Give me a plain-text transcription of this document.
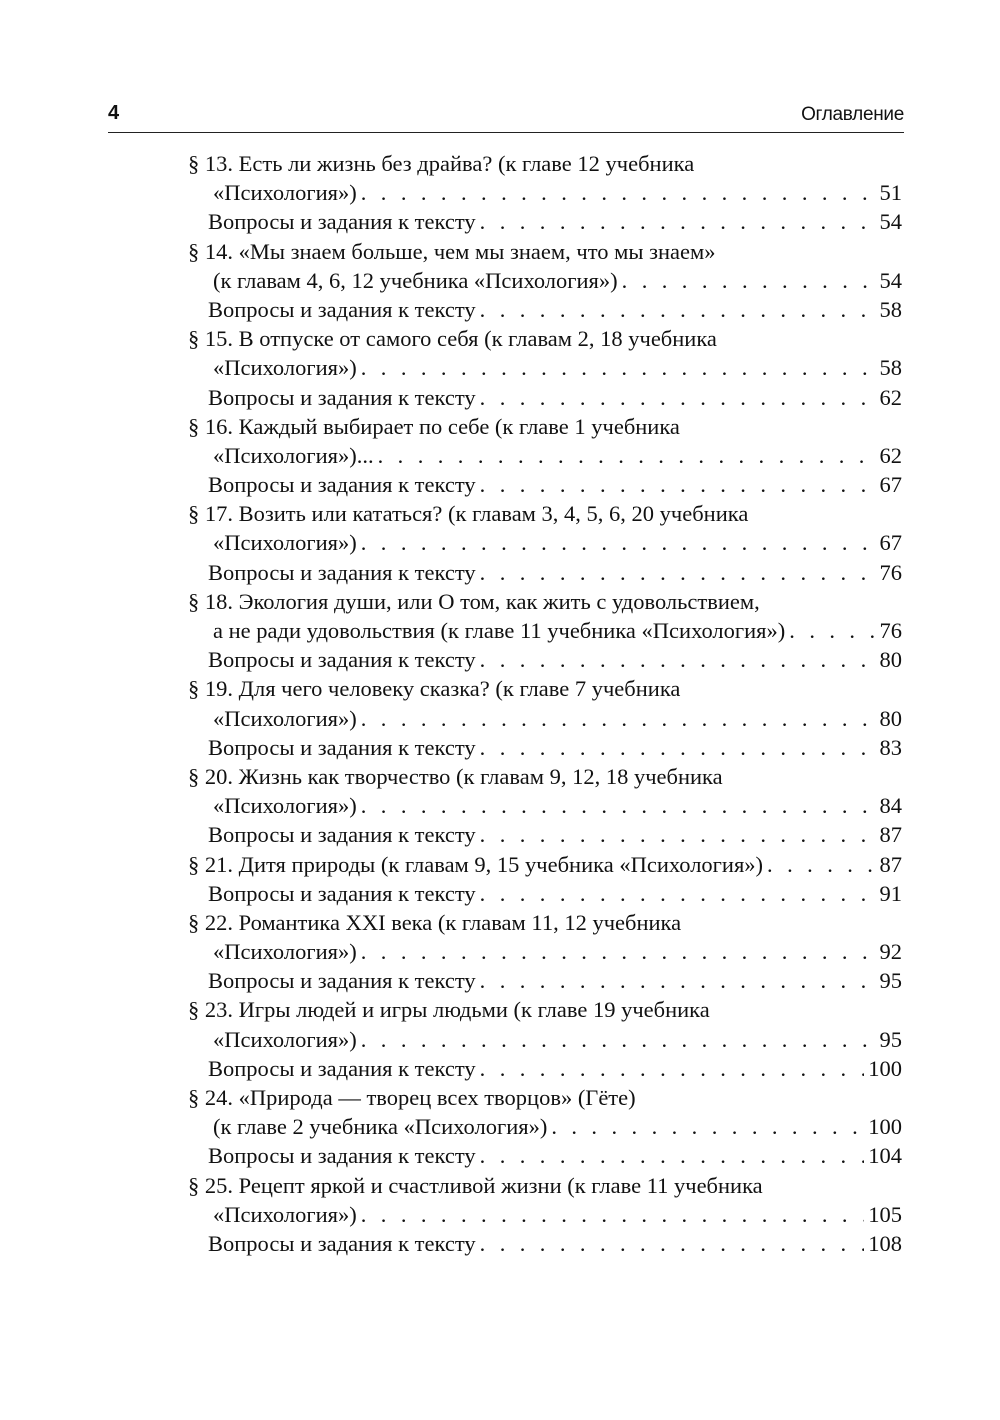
4	Оглавление
§ 13. Есть ли жизнь без драйва? (к главе 12 учебника
«Психология») . . .	51
Вопросы и задания к тексту . . .	54
§ 14. «Мы знаем больше, чем мы знаем, что мы знаем»
(к главам 4, 6, 12 учебника «Психология») . . .	54
Вопросы и задания к тексту . . .	58
§ 15. В отпуске от самого себя (к главам 2, 18 учебника
«Психология») . . .	58
Вопросы и задания к тексту . . .	62
§ 16. Каждый выбирает по себе (к главе 1 учебника
«Психология»)... . . .	62
Вопросы и задания к тексту . . .	67
§ 17. Возить или кататься? (к главам 3, 4, 5, 6, 20 учебника
«Психология») . . .	67
Вопросы и задания к тексту . . .	76
§ 18. Экология души, или О том, как жить с удовольствием,
а не ради удовольствия (к главе 11 учебника «Психология») . . .	76
Вопросы и задания к тексту . . .	80
§ 19. Для чего человеку сказка? (к главе 7 учебника
«Психология») . . .	80
Вопросы и задания к тексту . . .	83
§ 20. Жизнь как творчество (к главам 9, 12, 18 учебника
«Психология») . . .	84
Вопросы и задания к тексту . . .	87
§ 21. Дитя природы (к главам 9, 15 учебника «Психология») . . .	87
Вопросы и задания к тексту . . .	91
§ 22. Романтика XXI века (к главам 11, 12 учебника
«Психология») . . .	92
Вопросы и задания к тексту . . .	95
§ 23. Игры людей и игры людьми (к главе 19 учебника
«Психология») . . .	95
Вопросы и задания к тексту . . .	100
§ 24. «Природа — творец всех творцов» (Гёте)
(к главе 2 учебника «Психология») . . .	100
Вопросы и задания к тексту . . .	104
§ 25. Рецепт яркой и счастливой жизни (к главе 11 учебника
«Психология») . . .	105
Вопросы и задания к тексту . . .	108
